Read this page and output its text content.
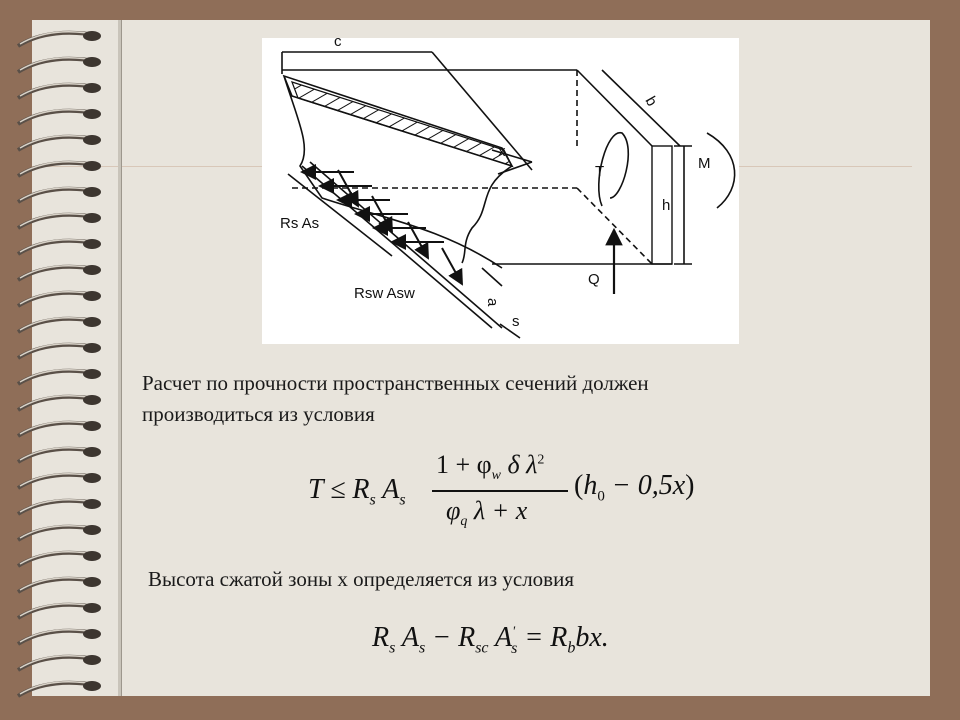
c
b
x
T	M
h
Q
a
s
Rs As
Rsw Asw
Расчет по прочности пространственных сечений должен
производиться из условия
$T \le R_s$ $A_s$
$1 + \varphi_w$ δ $\lambda^2$
$\varphi_q$ λ + x
$(h_0 - 0,5x)$
Высота сжатой зоны x определяется из условия
$R_s$ $A_s - R_{sc}$ $A'_s = R_bbx$.
